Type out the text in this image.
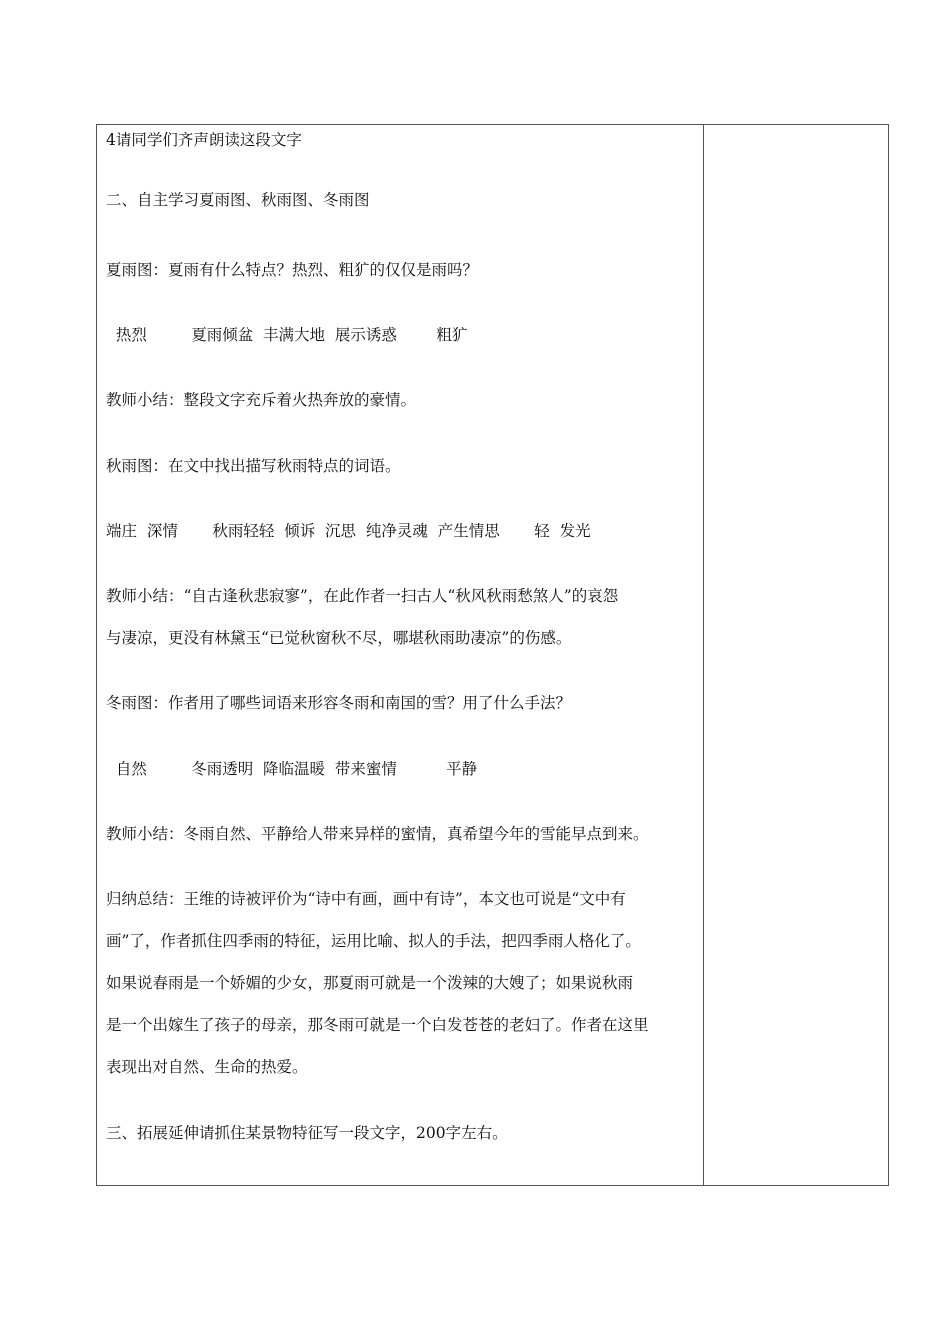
4请同学们齐声朗读这段文字
二、自主学习夏雨图、秋雨图、冬雨图
夏雨图：夏雨有什么特点？热烈、粗犷的仅仅是雨吗？
热烈         夏雨倾盆  丰满大地  展示诱惑        粗犷
教师小结：整段文字充斥着火热奔放的豪情。
秋雨图：在文中找出描写秋雨特点的词语。
端庄  深情       秋雨轻轻  倾诉  沉思  纯净灵魂  产生情思       轻  发光
教师小结：“自古逢秋悲寂寥”，在此作者一扫古人“秋风秋雨愁煞人”的哀怨
与凄凉，更没有林黛玉“已觉秋窗秋不尽，哪堪秋雨助凄凉”的伤感。
冬雨图：作者用了哪些词语来形容冬雨和南国的雪？用了什么手法？
自然         冬雨透明  降临温暖  带来蜜情          平静
教师小结：冬雨自然、平静给人带来异样的蜜情，真希望今年的雪能早点到来。
归纳总结：王维的诗被评价为“诗中有画，画中有诗”，本文也可说是“文中有
画”了，作者抓住四季雨的特征，运用比喻、拟人的手法，把四季雨人格化了。
如果说春雨是一个娇媚的少女，那夏雨可就是一个泼辣的大嫂了；如果说秋雨
是一个出嫁生了孩子的母亲，那冬雨可就是一个白发苍苍的老妇了。作者在这里
表现出对自然、生命的热爱。
三、拓展延伸请抓住某景物特征写一段文字，200字左右。
